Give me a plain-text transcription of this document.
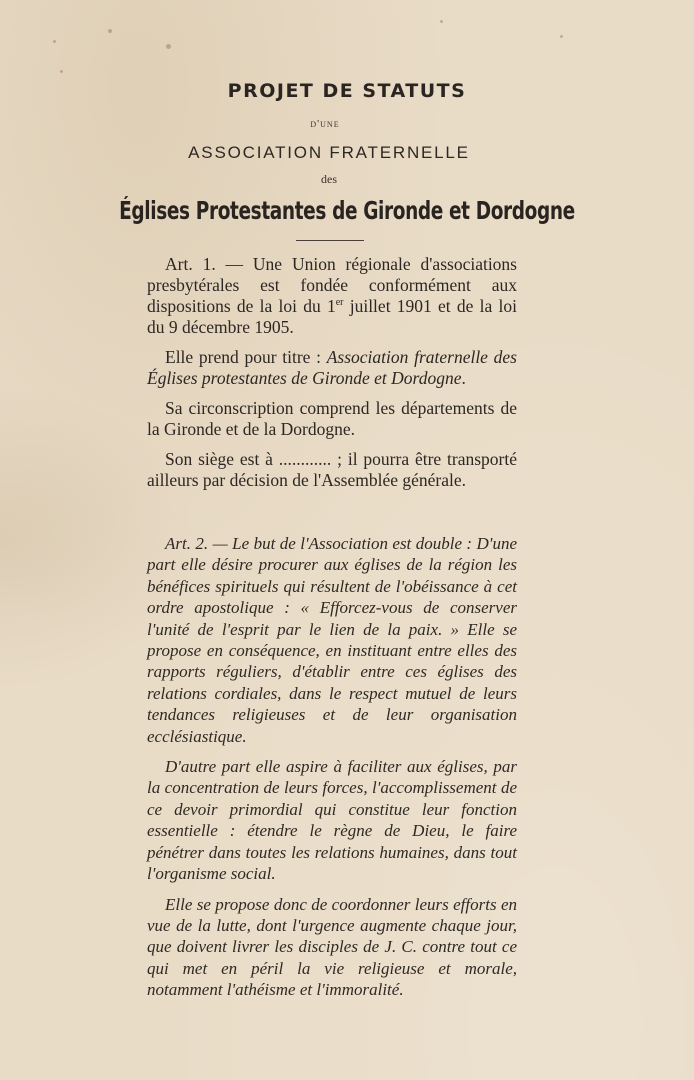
PROJET DE STATUTS
d'une
ASSOCIATION FRATERNELLE
des
Églises Protestantes de Gironde et Dordogne

Art. 1. — Une Union régionale d'associations presbytérales est fondée conformément aux dispositions de la loi du 1er juillet 1901 et de la loi du 9 décembre 1905.

Elle prend pour titre : Association fraternelle des Églises protestantes de Gironde et Dordogne.

Sa circonscription comprend les départements de la Gironde et de la Dordogne.

Son siège est à ............ ; il pourra être transporté ailleurs par décision de l'Assemblée générale.

Art. 2. — Le but de l'Association est double : D'une part elle désire procurer aux églises de la région les bénéfices spirituels qui résultent de l'obéissance à cet ordre apostolique : « Efforcez-vous de conserver l'unité de l'esprit par le lien de la paix. » Elle se propose en conséquence, en instituant entre elles des rapports réguliers, d'établir entre ces églises des relations cordiales, dans le respect mutuel de leurs tendances religieuses et de leur organisation ecclésiastique.

D'autre part elle aspire à faciliter aux églises, par la concentration de leurs forces, l'accomplissement de ce devoir primordial qui constitue leur fonction essentielle : étendre le règne de Dieu, le faire pénétrer dans toutes les relations humaines, dans tout l'organisme social.

Elle se propose donc de coordonner leurs efforts en vue de la lutte, dont l'urgence augmente chaque jour, que doivent livrer les disciples de J. C. contre tout ce qui met en péril la vie religieuse et morale, notamment l'athéisme et l'immoralité.
